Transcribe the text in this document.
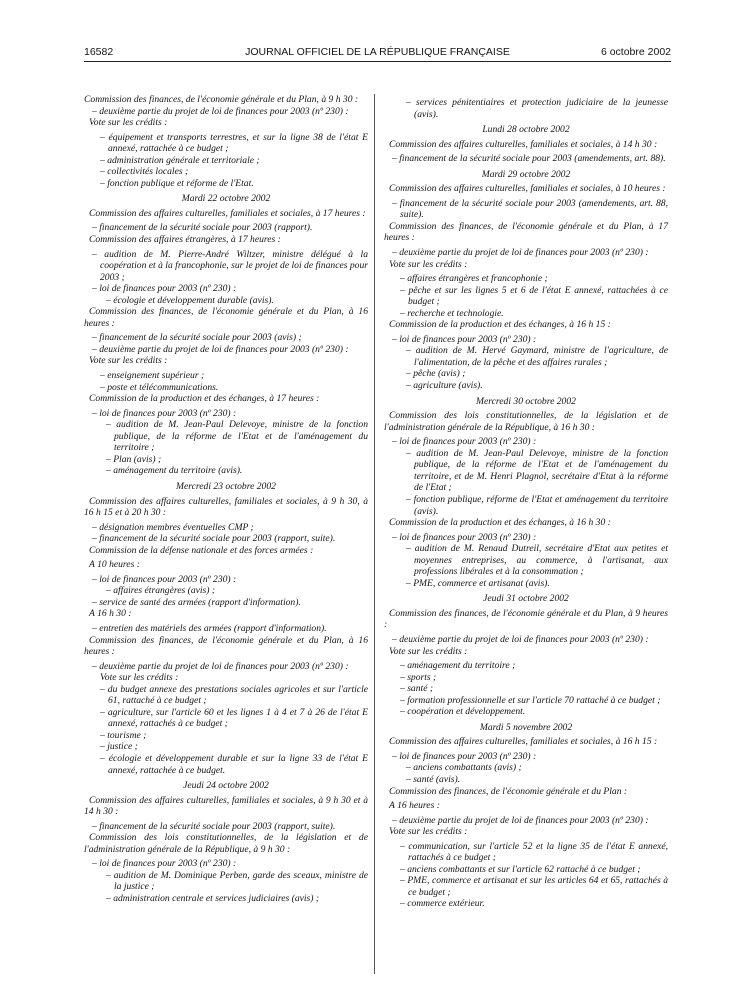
16582	JOURNAL OFFICIEL DE LA RÉPUBLIQUE FRANÇAISE	6 octobre 2002

Commission des finances, de l'économie générale et du Plan, à 9 h 30 :

– deuxième partie du projet de loi de finances pour 2003 (nº 230) :

Vote sur les crédits :

– équipement et transports terrestres, et sur la ligne 38 de l'état E annexé, rattachée à ce budget ;

– administration générale et territoriale ;

– collectivités locales ;

– fonction publique et réforme de l'Etat.

Mardi 22 octobre 2002

Commission des affaires culturelles, familiales et sociales, à 17 heures :

– financement de la sécurité sociale pour 2003 (rapport).

Commission des affaires étrangères, à 17 heures :

– audition de M. Pierre-André Wiltzer, ministre délégué à la coopération et à la francophonie, sur le projet de loi de finances pour 2003 ;

– loi de finances pour 2003 (nº 230) :

– écologie et développement durable (avis).

Commission des finances, de l'économie générale et du Plan, à 16 heures :

– financement de la sécurité sociale pour 2003 (avis) ;

– deuxième partie du projet de loi de finances pour 2003 (nº 230) :

Vote sur les crédits :

– enseignement supérieur ;

– poste et télécommunications.

Commission de la production et des échanges, à 17 heures :

– loi de finances pour 2003 (nº 230) :

– audition de M. Jean-Paul Delevoye, ministre de la fonction publique, de la réforme de l'Etat et de l'aménagement du territoire ;

– Plan (avis) ;

– aménagement du territoire (avis).

Mercredi 23 octobre 2002

Commission des affaires culturelles, familiales et sociales, à 9 h 30, à 16 h 15 et à 20 h 30 :

– désignation membres éventuelles CMP ;

– financement de la sécurité sociale pour 2003 (rapport, suite).

Commission de la défense nationale et des forces armées :

A 10 heures :

– loi de finances pour 2003 (nº 230) :

– affaires étrangères (avis) ;

– service de santé des armées (rapport d'information).

A 16 h 30 :

– entretien des matériels des armées (rapport d'information).

Commission des finances, de l'économie générale et du Plan, à 16 heures :

– deuxième partie du projet de loi de finances pour 2003 (nº 230) :

Vote sur les crédits :

– du budget annexe des prestations sociales agricoles et sur l'article 61, rattaché à ce budget ;

– agriculture, sur l'article 60 et les lignes 1 à 4 et 7 à 26 de l'état E annexé, rattachés à ce budget ;

– tourisme ;

– justice ;

– écologie et développement durable et sur la ligne 33 de l'état E annexé, rattachée à ce budget.

Jeudi 24 octobre 2002

Commission des affaires culturelles, familiales et sociales, à 9 h 30 et à 14 h 30 :

– financement de la sécurité sociale pour 2003 (rapport, suite).

Commission des lois constitutionnelles, de la législation et de l'administration générale de la République, à 9 h 30 :

– loi de finances pour 2003 (nº 230) :

– audition de M. Dominique Perben, garde des sceaux, ministre de la justice ;

– administration centrale et services judiciaires (avis) ;

– services pénitentiaires et protection judiciaire de la jeunesse (avis).

Lundi 28 octobre 2002

Commission des affaires culturelles, familiales et sociales, à 14 h 30 :

– financement de la sécurité sociale pour 2003 (amendements, art. 88).

Mardi 29 octobre 2002

Commission des affaires culturelles, familiales et sociales, à 10 heures :

– financement de la sécurité sociale pour 2003 (amendements, art. 88, suite).

Commission des finances, de l'économie générale et du Plan, à 17 heures :

– deuxième partie du projet de loi de finances pour 2003 (nº 230) :

Vote sur les crédits :

– affaires étrangères et francophonie ;

– pêche et sur les lignes 5 et 6 de l'état E annexé, rattachées à ce budget ;

– recherche et technologie.

Commission de la production et des échanges, à 16 h 15 :

– loi de finances pour 2003 (nº 230) :

– audition de M. Hervé Gaymard, ministre de l'agriculture, de l'alimentation, de la pêche et des affaires rurales ;

– pêche (avis) ;

– agriculture (avis).

Mercredi 30 octobre 2002

Commission des lois constitutionnelles, de la législation et de l'administration générale de la République, à 16 h 30 :

– loi de finances pour 2003 (nº 230) :

– audition de M. Jean-Paul Delevoye, ministre de la fonction publique, de la réforme de l'Etat et de l'aménagement du territoire, et de M. Henri Plagnol, secrétaire d'Etat à la réforme de l'Etat ;

– fonction publique, réforme de l'Etat et aménagement du territoire (avis).

Commission de la production et des échanges, à 16 h 30 :

– loi de finances pour 2003 (nº 230) :

– audition de M. Renaud Dutreil, secrétaire d'Etat aux petites et moyennes entreprises, au commerce, à l'artisanat, aux professions libérales et à la consommation ;

– PME, commerce et artisanat (avis).

Jeudi 31 octobre 2002

Commission des finances, de l'économie générale et du Plan, à 9 heures :

– deuxième partie du projet de loi de finances pour 2003 (nº 230) :

Vote sur les crédits :

– aménagement du territoire ;

– sports ;

– santé ;

– formation professionnelle et sur l'article 70 rattaché à ce budget ;

– coopération et développement.

Mardi 5 novembre 2002

Commission des affaires culturelles, familiales et sociales, à 16 h 15 :

– loi de finances pour 2003 (nº 230) :

– anciens combattants (avis) ;

– santé (avis).

Commission des finances, de l'économie générale et du Plan :

A 16 heures :

– deuxième partie du projet de loi de finances pour 2003 (nº 230) :

Vote sur les crédits :

– communication, sur l'article 52 et la ligne 35 de l'état E annexé, rattachés à ce budget ;

– anciens combattants et sur l'article 62 rattaché à ce budget ;

– PME, commerce et artisanat et sur les articles 64 et 65, rattachés à ce budget ;

– commerce extérieur.
